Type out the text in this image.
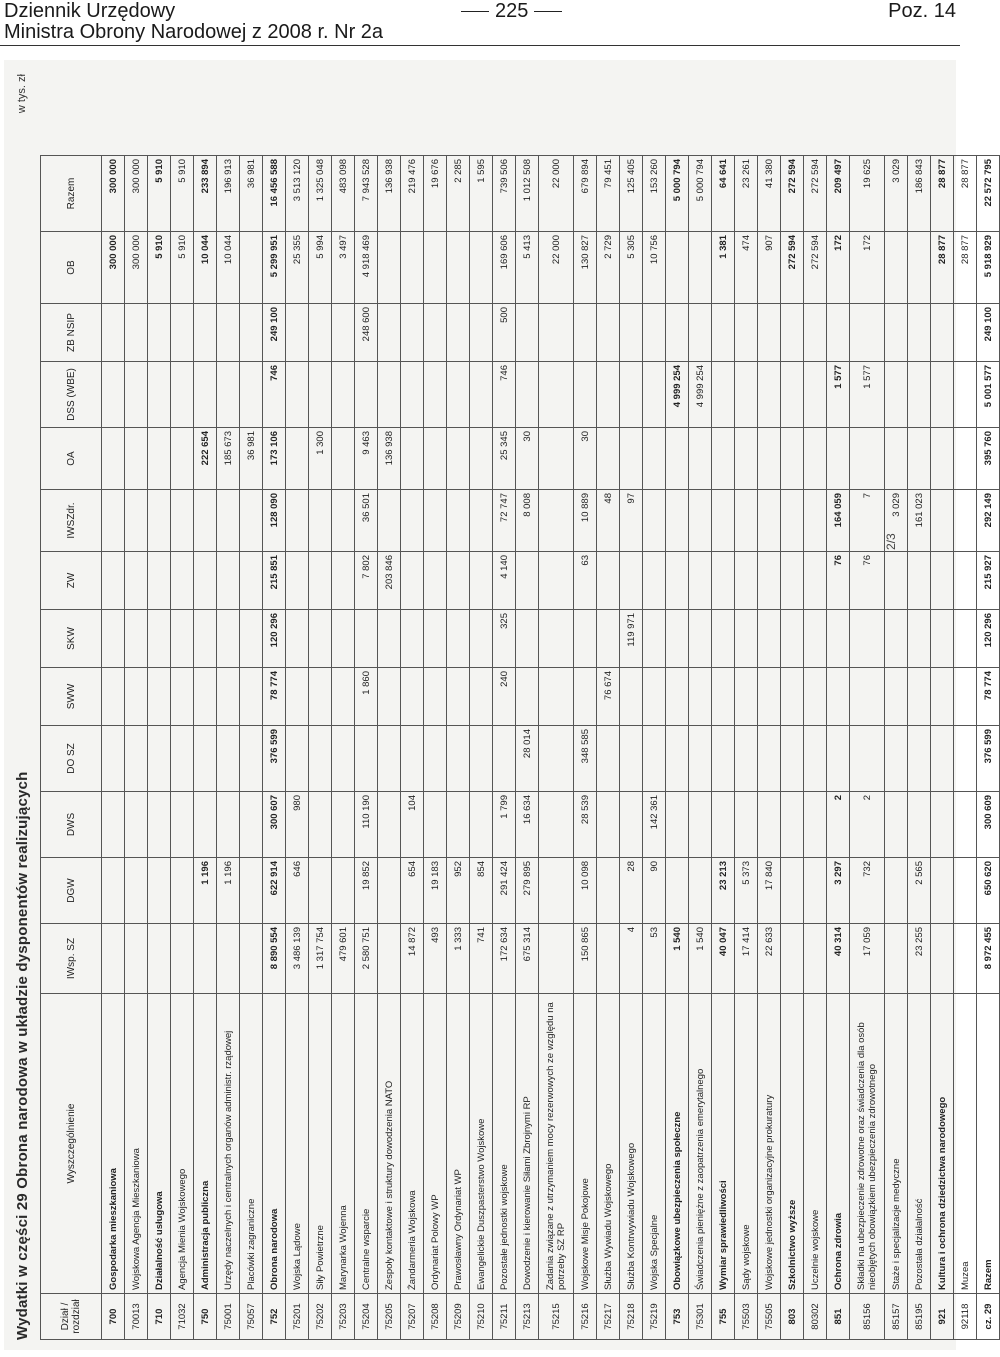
Dziennik Urzędowy
Ministra Obrony Narodowej z 2008 r. Nr 2a
225	Poz. 14
Wydatki w części 29 Obrona narodowa w układzie dysponentów realizujących
w tys. zł
Dział / rozdział	Wyszczególnienie	IWsp. SZ	DGW	DWS	DO SZ	SWW	SKW	ZW	IWSZdr.	OA	DSS (WBE)	ZB NSIP	OB	Razem
700	Gospodarka mieszkaniowa												300 000	300 000
70013	Wojskowa Agencja Mieszkaniowa												300 000	300 000
710	Działalność usługowa												5 910	5 910
71032	Agencja Mienia Wojskowego												5 910	5 910
750	Administracja publiczna		1 196							222 654			10 044	233 894
75001	Urzędy naczelnych i centralnych organów administr. rządowej		1 196							185 673			10 044	196 913
75057	Placówki zagraniczne									36 981				36 981
752	Obrona narodowa	8 890 554	622 914	300 607	376 599	78 774	120 296	215 851	128 090	173 106	746	249 100	5 299 951	16 456 588
75201	Wojska Lądowe	3 486 139	646	980									25 355	3 513 120
75202	Siły Powietrzne	1 317 754								1 300			5 994	1 325 048
75203	Marynarka Wojenna	479 601											3 497	483 098
75204	Centralne wsparcie	2 580 751	19 852	110 190		1 860		7 802	36 501	9 463		248 600	4 918 469	7 943 528
75205	Zespoły kontaktowe i struktury dowodzenia NATO							203 846		136 938				136 938
75207	Żandarmeria Wojskowa	14 872	654	104										219 476
75208	Ordynariat Polowy WP	493	19 183											19 676
75209	Prawosławny Ordynariat WP	1 333	952											2 285
75210	Ewangelickie Duszpasterstwo Wojskowe	741	854											1 595
75211	Pozostałe jednostki wojskowe	172 634	291 424	1 799		240	325	4 140	72 747	25 345	746	500	169 606	739 506
75213	Dowodzenie i kierowanie Siłami Zbrojnymi RP	675 314	279 895	16 634	28 014				8 008	30			5 413	1 012 508
75215	Zadania związane z utrzymaniem mocy rezerwowych ze względu na potrzeby SZ RP												22 000	22 000
75216	Wojskowe Misje Pokojowe	150 865	10 098	28 539	348 585			63	10 889	30			130 827	679 894
75217	Służba Wywiadu Wojskowego					76 674			48				2 729	79 451
75218	Służba Kontrwywiadu Wojskowego	4	28				119 971		97				5 305	125 405
75219	Wojska Specjalne	53	90	142 361									10 756	153 260
753	Obowiązkowe ubezpieczenia społeczne	1 540									4 999 254			5 000 794
75301	Świadczenia pieniężne z zaopatrzenia emerytalnego	1 540									4 999 254			5 000 794
755	Wymiar sprawiedliwości	40 047	23 213										1 381	64 641
75503	Sądy wojskowe	17 414	5 373										474	23 261
75505	Wojskowe jednostki organizacyjne prokuratury	22 633	17 840										907	41 380
803	Szkolnictwo wyższe												272 594	272 594
80302	Uczelnie wojskowe												272 594	272 594
851	Ochrona zdrowia	40 314	3 297	2				76	164 059		1 577		172	209 497
85156	Składki na ubezpieczenie zdrowotne oraz świadczenia dla osób nieobjętych obowiązkiem ubezpieczenia zdrowotnego	17 059	732	2				76	7		1 577		172	19 625
85157	Staże i specjalizacje medyczne								3 029					3 029
85195	Pozostała działalność	23 255	2 565						161 023					186 843
921	Kultura i ochrona dziedzictwa narodowego												28 877	28 877
92118	Muzea												28 877	28 877
cz. 29	Razem	8 972 455	650 620	300 609	376 599	78 774	120 296	215 927	292 149	395 760	5 001 577	249 100	5 918 929	22 572 795
2/3
